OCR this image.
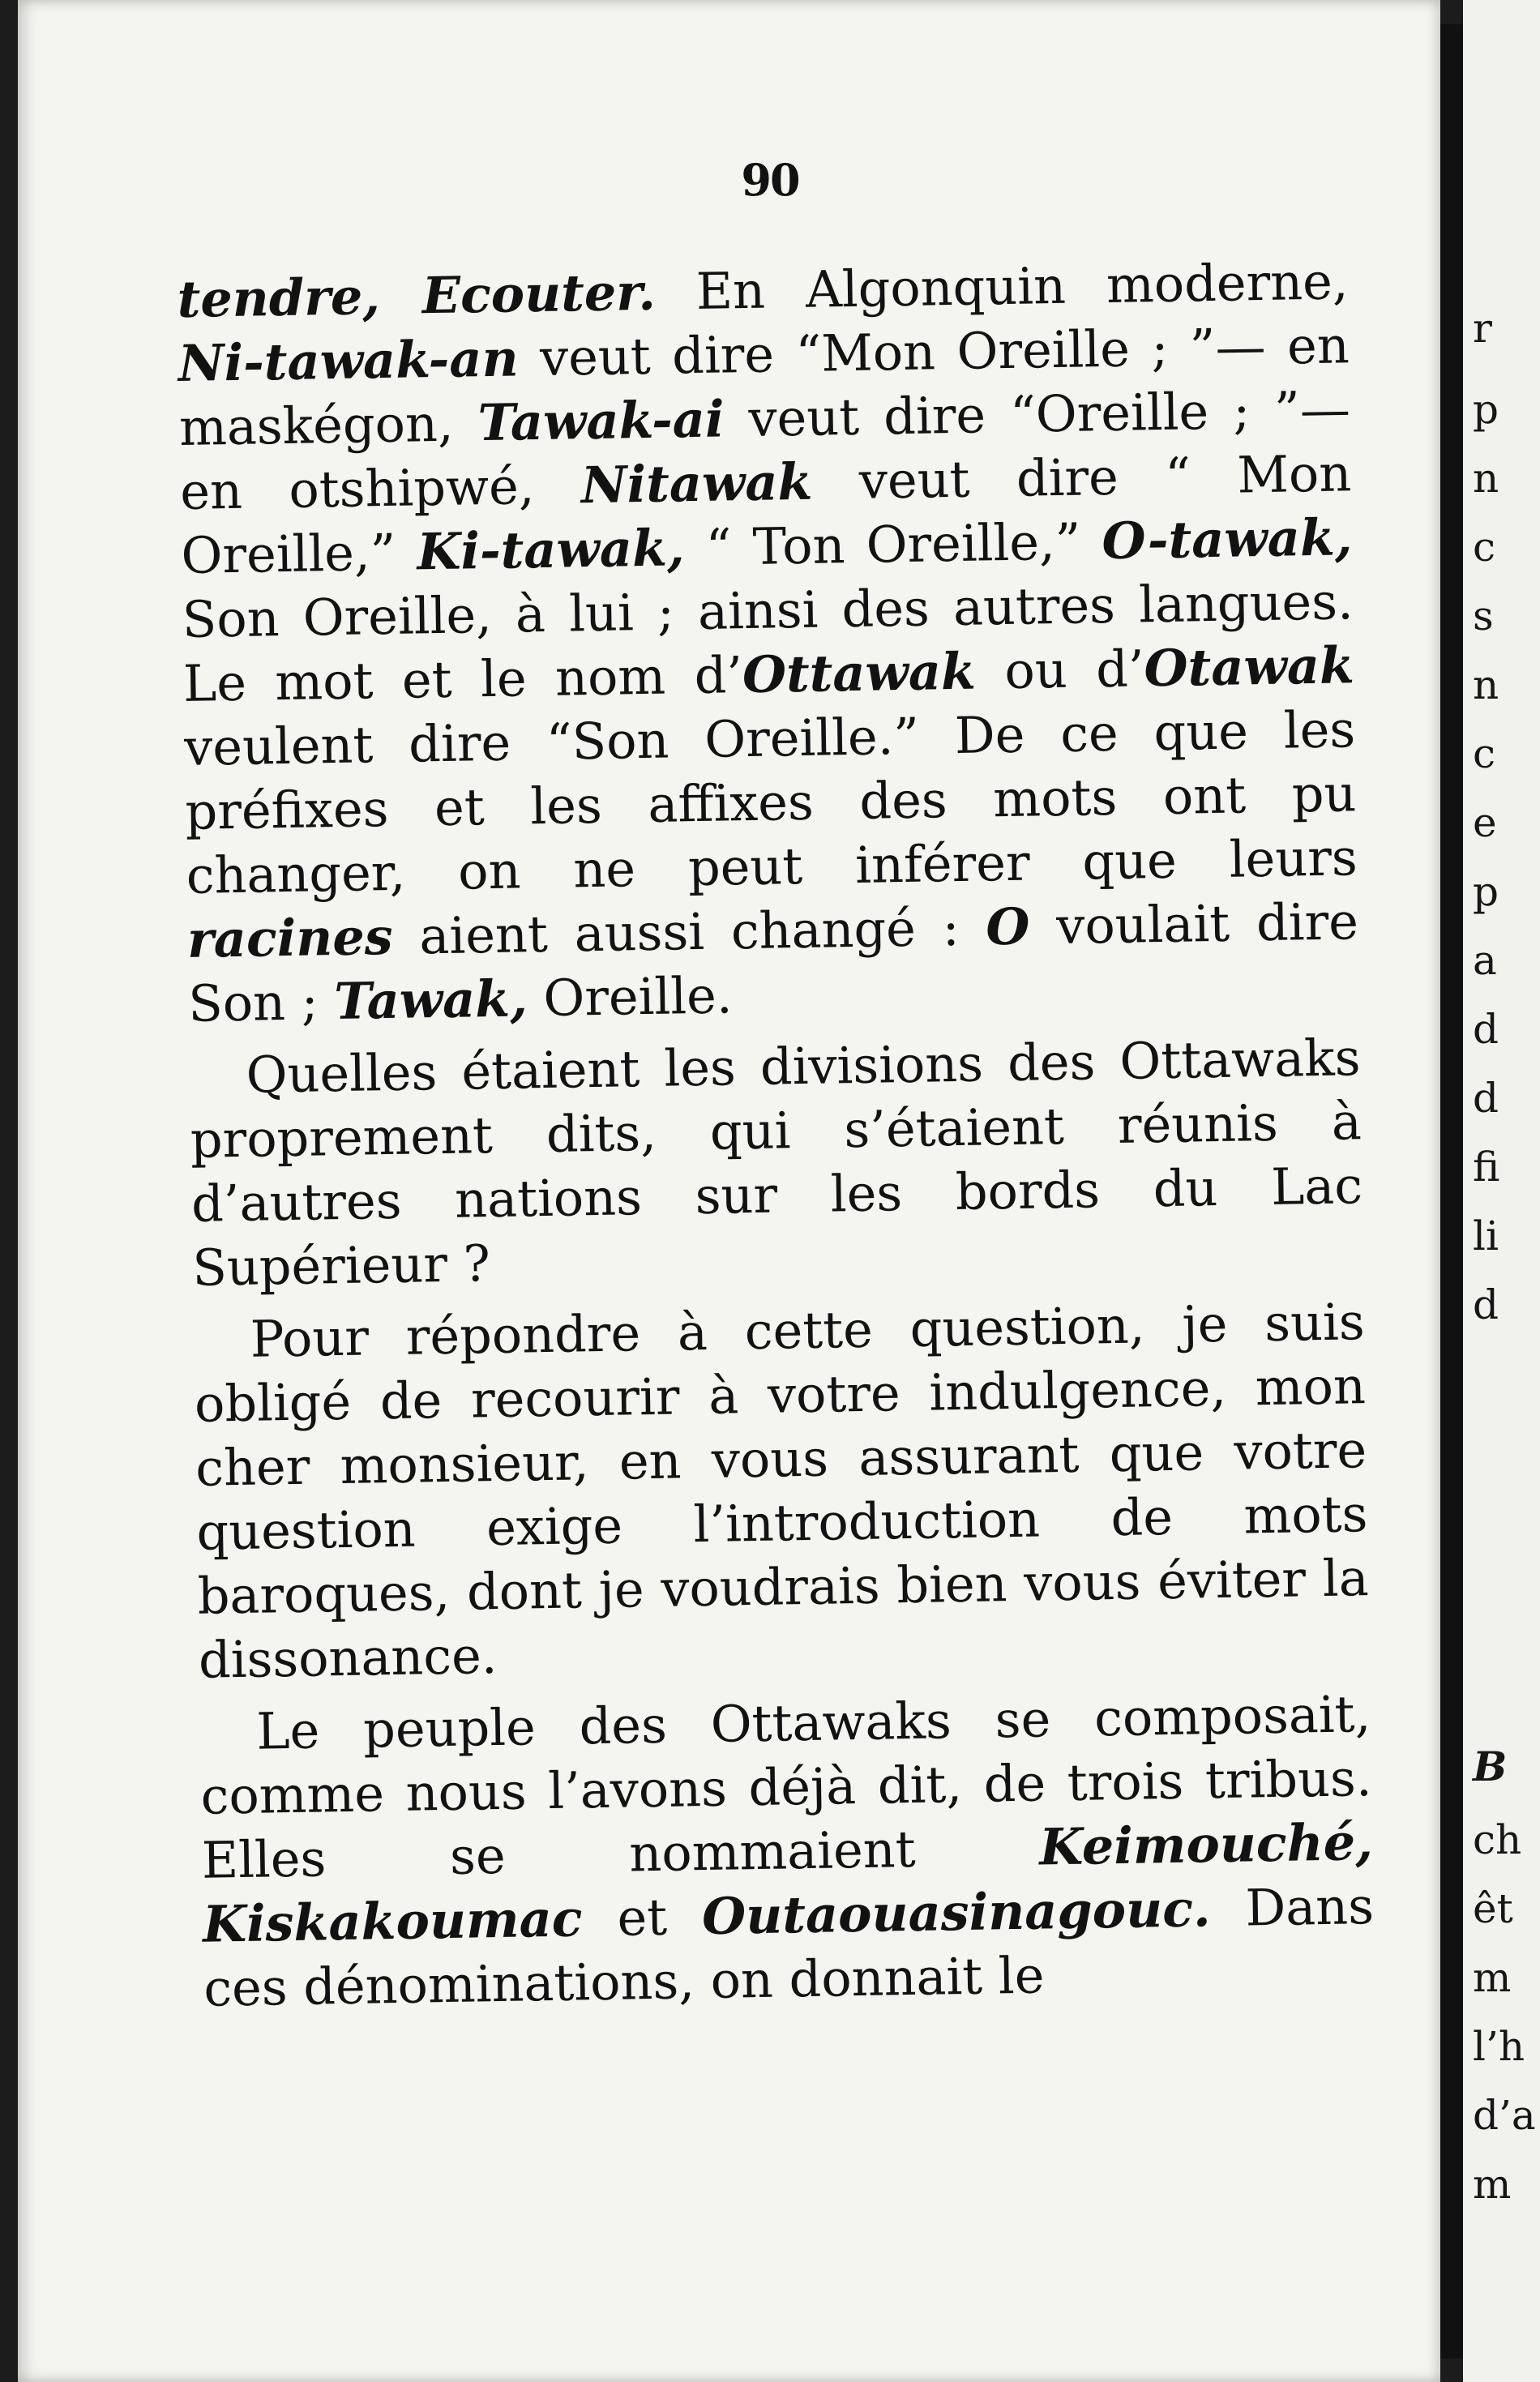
90

tendre, Ecouter. En Algonquin moderne, Ni-tawak-an veut dire “Mon Oreille ; ”— en maskégon, Tawak-ai veut dire “Oreille ; ”—en otshipwé, Nitawak veut dire “ Mon Oreille,” Ki-tawak, “ Ton Oreille,” O-tawak, Son Oreille, à lui ; ainsi des autres langues. Le mot et le nom d’Ottawak ou d’Otawak veulent dire “Son Oreille.” De ce que les préfixes et les affixes des mots ont pu changer, on ne peut inférer que leurs racines aient aussi changé : O voulait dire Son ; Tawak, Oreille.

Quelles étaient les divisions des Ottawaks proprement dits, qui s’étaient réunis à d’autres nations sur les bords du Lac Supérieur ?

Pour répondre à cette question, je suis obligé de recourir à votre indulgence, mon cher monsieur, en vous assurant que votre question exige l’introduction de mots baroques, dont je voudrais bien vous éviter la dissonance.

Le peuple des Ottawaks se composait, comme nous l’avons déjà dit, de trois tribus. Elles se nommaient Keimouché, Kiskakoumac et Outaouasinagouc. Dans ces dénominations, on donnait le

r
p
n
c
s
n
c
e
p
a
d
d
fi
li
d
B
ch
êt
m
l’h
d’a
m
